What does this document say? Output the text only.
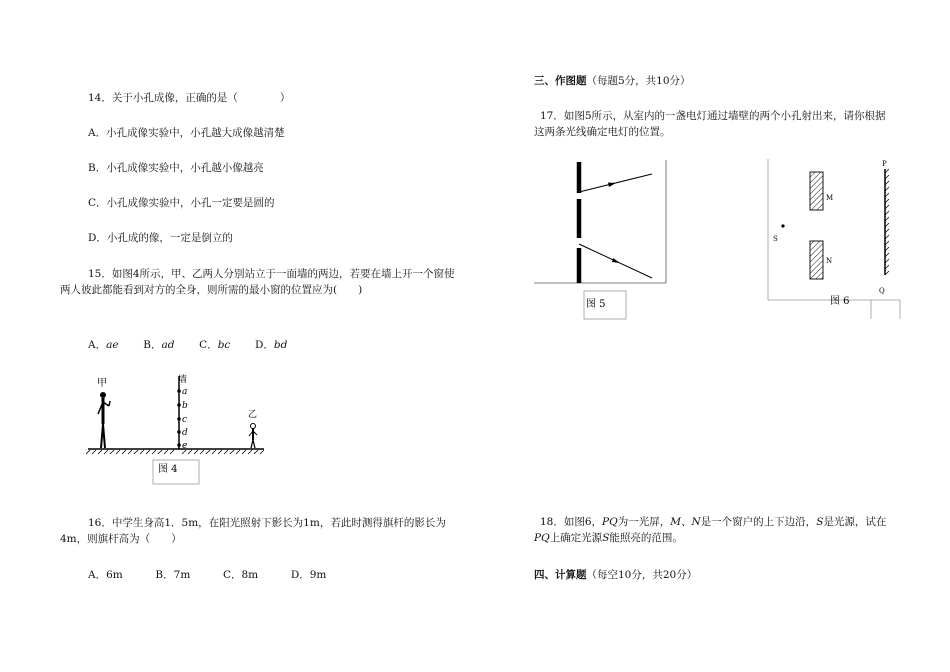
14．关于小孔成像，正确的是（　　　　）
A．小孔成像实验中，小孔越大成像越清楚
B．小孔成像实验中，小孔越小像越亮
C．小孔成像实验中，小孔一定要是圆的
D．小孔成的像，一定是倒立的
15．如图4所示，甲、乙两人分别站立于一面墙的两边，若要在墙上开一个窗使两人彼此都能看到对方的全身，则所需的最小窗的位置应为(　　)
A．ae B．ad C．bc D．bd
甲	墙
a
b
c
d
e
乙
图 4
16．中学生身高1．5m，在阳光照射下影长为1m，若此时测得旗杆的影长为4m，则旗杆高为（　　）
A．6m	B．7m	C．8m	D．9m
三、作图题（每题5分，共10分）
17．如图5所示，从室内的一盏电灯通过墙壁的两个小孔射出来，请你根据这两条光线确定电灯的位置。
图 5
M
N
S
P
Q
图 6
18．如图6，PQ为一光屏，M、N是一个窗户的上下边沿，S是光源，试在
PQ上确定光源S能照亮的范围。
四、计算题（每空10分，共20分）
